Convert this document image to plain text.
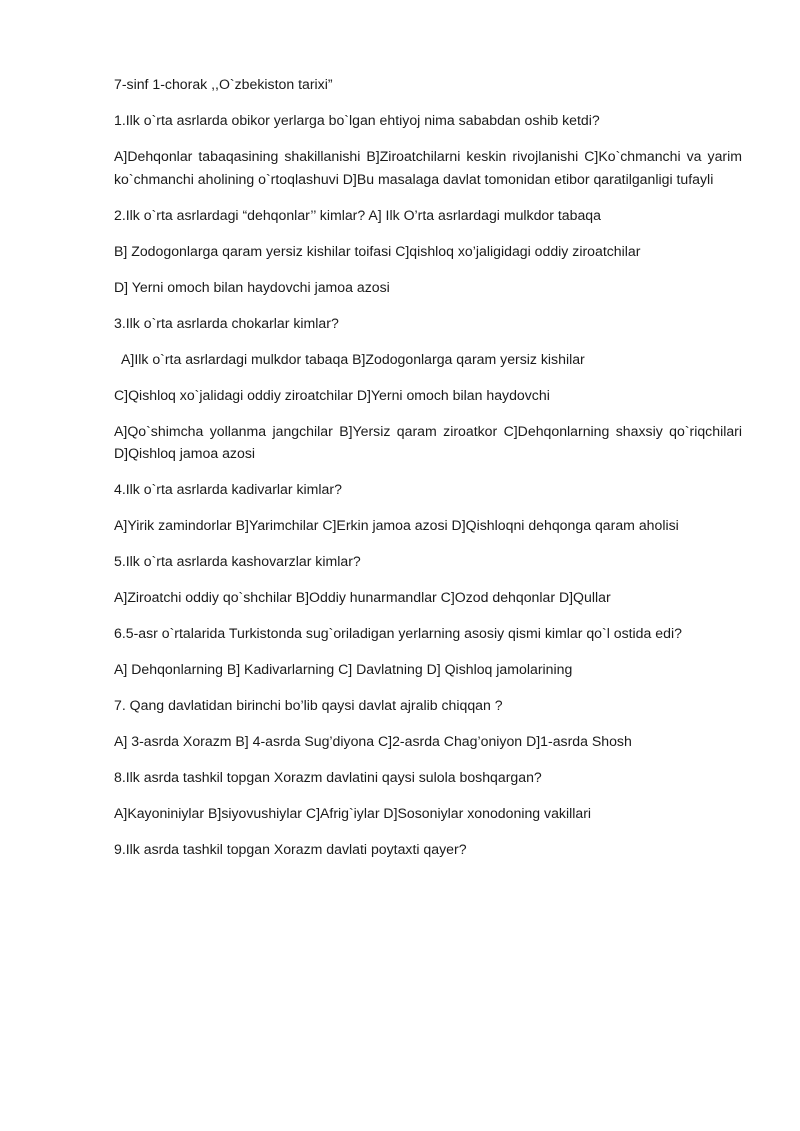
7-sinf 1-chorak ,,O`zbekiston tarixi”

1.Ilk o`rta asrlarda obikor yerlarga bo`lgan ehtiyoj nima sababdan oshib ketdi?

A]Dehqonlar tabaqasining shakillanishi B]Ziroatchilarni keskin rivojlanishi C]Ko`chmanchi va yarim ko`chmanchi aholining o`rtoqlashuvi D]Bu masalaga davlat tomonidan etibor qaratilganligi tufayli

2.Ilk o`rta asrlardagi “dehqonlar’’ kimlar? A] Ilk O’rta asrlardagi mulkdor tabaqa

B] Zodogonlarga qaram yersiz kishilar toifasi C]qishloq xo’jaligidagi oddiy ziroatchilar

D] Yerni omoch bilan haydovchi jamoa azosi

3.Ilk o`rta asrlarda chokarlar kimlar?

A]Ilk o`rta asrlardagi mulkdor tabaqa B]Zodogonlarga qaram yersiz kishilar

C]Qishloq xo`jalidagi oddiy ziroatchilar D]Yerni omoch bilan haydovchi

A]Qo`shimcha yollanma jangchilar B]Yersiz qaram ziroatkor C]Dehqonlarning shaxsiy qo`riqchilari D]Qishloq jamoa azosi

4.Ilk o`rta asrlarda kadivarlar kimlar?

A]Yirik zamindorlar B]Yarimchilar C]Erkin jamoa azosi D]Qishloqni dehqonga qaram aholisi

5.Ilk o`rta asrlarda kashovarzlar kimlar?

A]Ziroatchi oddiy qo`shchilar B]Oddiy hunarmandlar C]Ozod dehqonlar D]Qullar

6.5-asr o`rtalarida Turkistonda sug`oriladigan yerlarning asosiy qismi kimlar qo`l ostida edi?

A] Dehqonlarning B] Kadivarlarning C] Davlatning D] Qishloq jamolarining

7. Qang davlatidan birinchi bo’lib qaysi davlat ajralib chiqqan ?

A] 3-asrda Xorazm B] 4-asrda Sug’diyona C]2-asrda Chag’oniyon D]1-asrda Shosh

8.Ilk asrda tashkil topgan Xorazm davlatini qaysi sulola boshqargan?

A]Kayoniniylar B]siyovushiylar C]Afrig`iylar D]Sosoniylar xonodoning vakillari

9.Ilk asrda tashkil topgan Xorazm davlati poytaxti qayer?
